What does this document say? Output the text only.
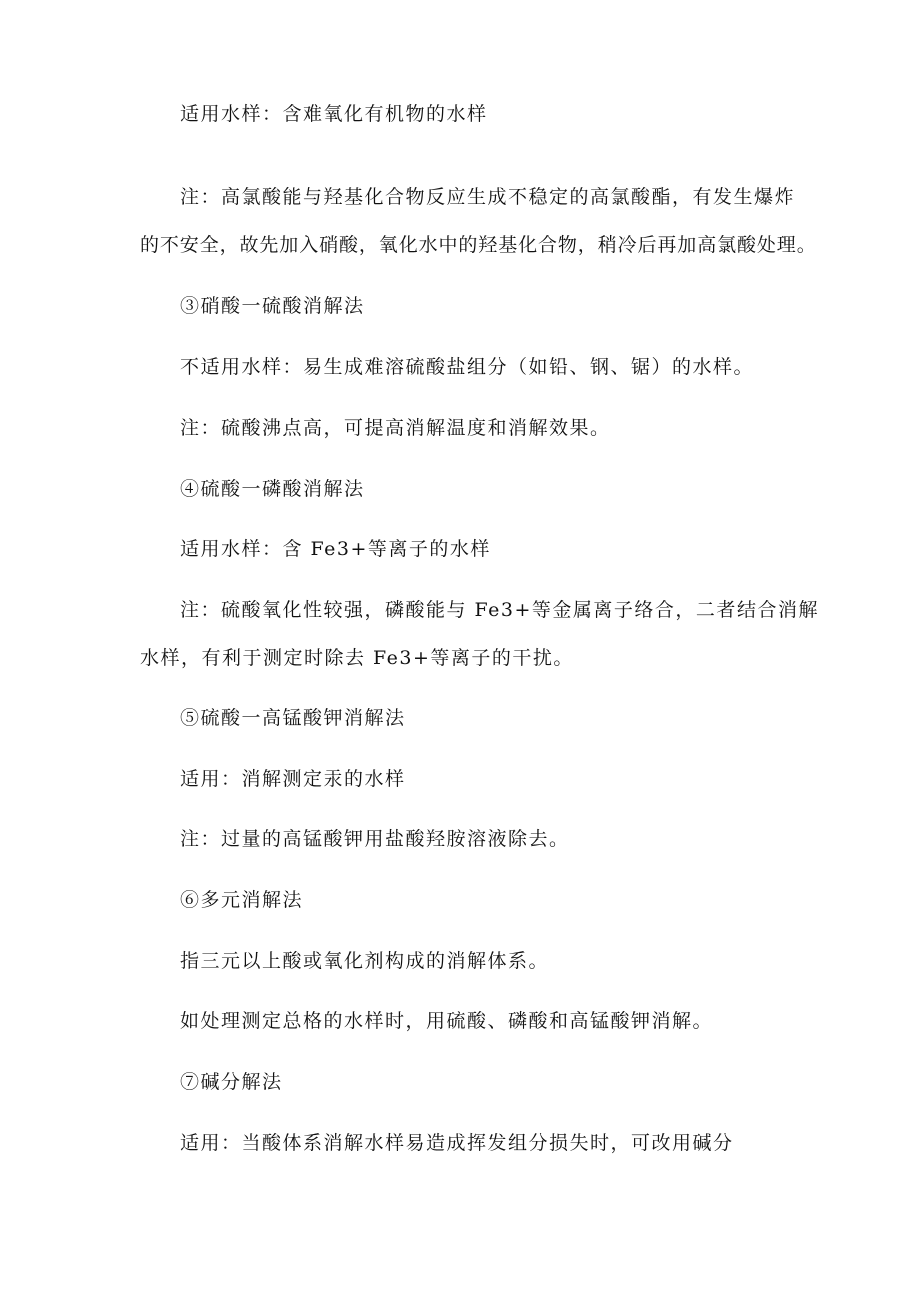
适用水样：含难氧化有机物的水样
注：高氯酸能与羟基化合物反应生成不稳定的高氯酸酯，有发生爆炸
的不安全，故先加入硝酸，氧化水中的羟基化合物，稍冷后再加高氯酸处理。
③硝酸一硫酸消解法
不适用水样：易生成难溶硫酸盐组分（如铅、钢、锯）的水样。
注：硫酸沸点高，可提高消解温度和消解效果。
④硫酸一磷酸消解法
适用水样：含 Fe3+等离子的水样
注：硫酸氧化性较强，磷酸能与 Fe3+等金属离子络合，二者结合消解
水样，有利于测定时除去 Fe3+等离子的干扰。
⑤硫酸一高锰酸钾消解法
适用：消解测定汞的水样
注：过量的高锰酸钾用盐酸羟胺溶液除去。
⑥多元消解法
指三元以上酸或氧化剂构成的消解体系。
如处理测定总格的水样时，用硫酸、磷酸和高锰酸钾消解。
⑦碱分解法
适用：当酸体系消解水样易造成挥发组分损失时，可改用碱分
